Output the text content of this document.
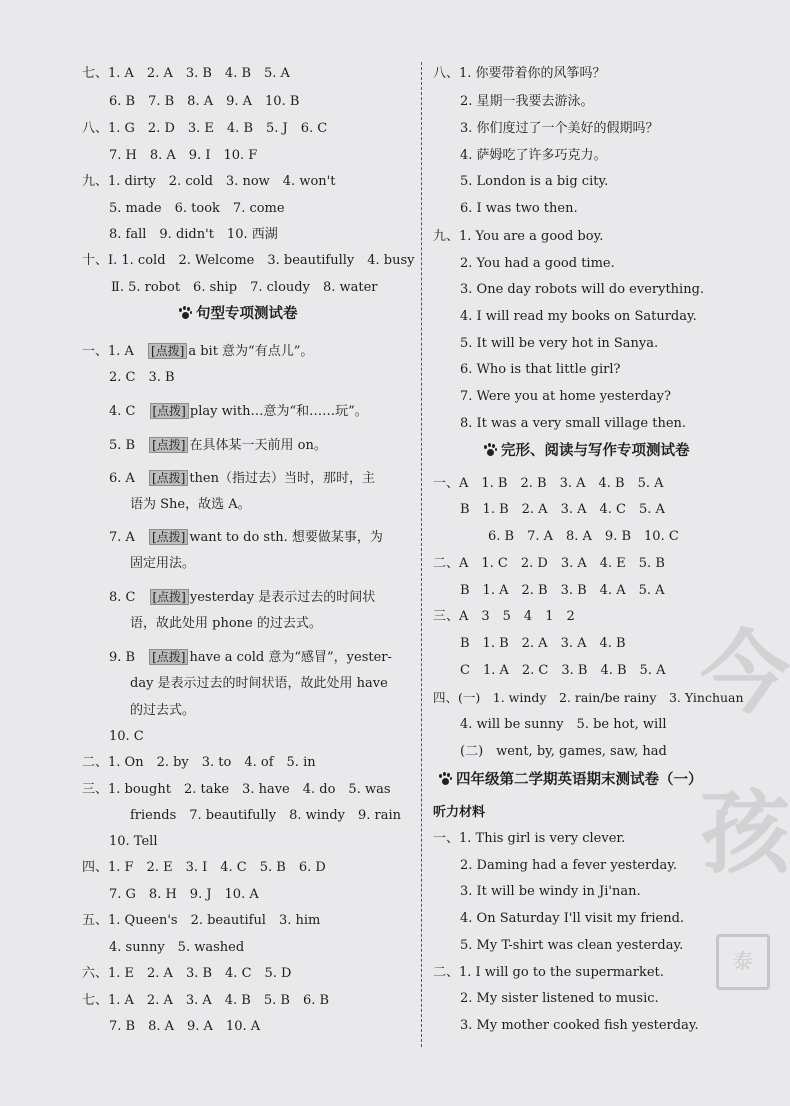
今
孩
泰
七、1. A　2. A　3. B　4. B　5. A
6. B　7. B　8. A　9. A　10. B
八、1. G　2. D　3. E　4. B　5. J　6. C
7. H　8. A　9. I　10. F
九、1. dirty　2. cold　3. now　4. won't
5. made　6. took　7. come
8. fall　9. didn't　10. 西湖
十、Ⅰ. 1. cold　2. Welcome　3. beautifully　4. busy
Ⅱ. 5. robot　6. ship　7. cloudy　8. water
句型专项测试卷
一、1. A　 [点拨] a bit 意为“有点儿”。
2. C　3. B
4. C　 [点拨] play with…意为“和……玩”。
5. B　 [点拨] 在具体某一天前用 on。
6. A　 [点拨] then（指过去）当时，那时，主
语为 She，故选 A。
7. A　 [点拨] want to do sth. 想要做某事，为
固定用法。
8. C　 [点拨] yesterday 是表示过去的时间状
语，故此处用 phone 的过去式。
9. B　 [点拨] have a cold 意为“感冒”，yester-
day 是表示过去的时间状语，故此处用 have
的过去式。
10. C
二、1. On　2. by　3. to　4. of　5. in
三、1. bought　2. take　3. have　4. do　5. was
friends　7. beautifully　8. windy　9. rain
10. Tell
四、1. F　2. E　3. I　4. C　5. B　6. D
7. G　8. H　9. J　10. A
五、1. Queen's　2. beautiful　3. him
4. sunny　5. washed
六、1. E　2. A　3. B　4. C　5. D
七、1. A　2. A　3. A　4. B　5. B　6. B
7. B　8. A　9. A　10. A
八、1. 你要带着你的风筝吗？
2. 星期一我要去游泳。
3. 你们度过了一个美好的假期吗？
4. 萨姆吃了许多巧克力。
5. London is a big city.
6. I was two then.
九、1. You are a good boy.
2. You had a good time.
3. One day robots will do everything.
4. I will read my books on Saturday.
5. It will be very hot in Sanya.
6. Who is that little girl?
7. Were you at home yesterday?
8. It was a very small village then.
完形、阅读与写作专项测试卷
一、A　1. B　2. B　3. A　4. B　5. A
B　1. B　2. A　3. A　4. C　5. A
6. B　7. A　8. A　9. B　10. C
二、A　1. C　2. D　3. A　4. E　5. B
B　1. A　2. B　3. B　4. A　5. A
三、A　3　5　4　1　2
B　1. B　2. A　3. A　4. B
C　1. A　2. C　3. B　4. B　5. A
四、(一)　1. windy　2. rain/be rainy　3. Yinchuan
4. will be sunny　5. be hot, will
(二)　went, by, games, saw, had
四年级第二学期英语期末测试卷（一）
听力材料
一、1. This girl is very clever.
2. Daming had a fever yesterday.
3. It will be windy in Ji'nan.
4. On Saturday I'll visit my friend.
5. My T-shirt was clean yesterday.
二、1. I will go to the supermarket.
2. My sister listened to music.
3. My mother cooked fish yesterday.
